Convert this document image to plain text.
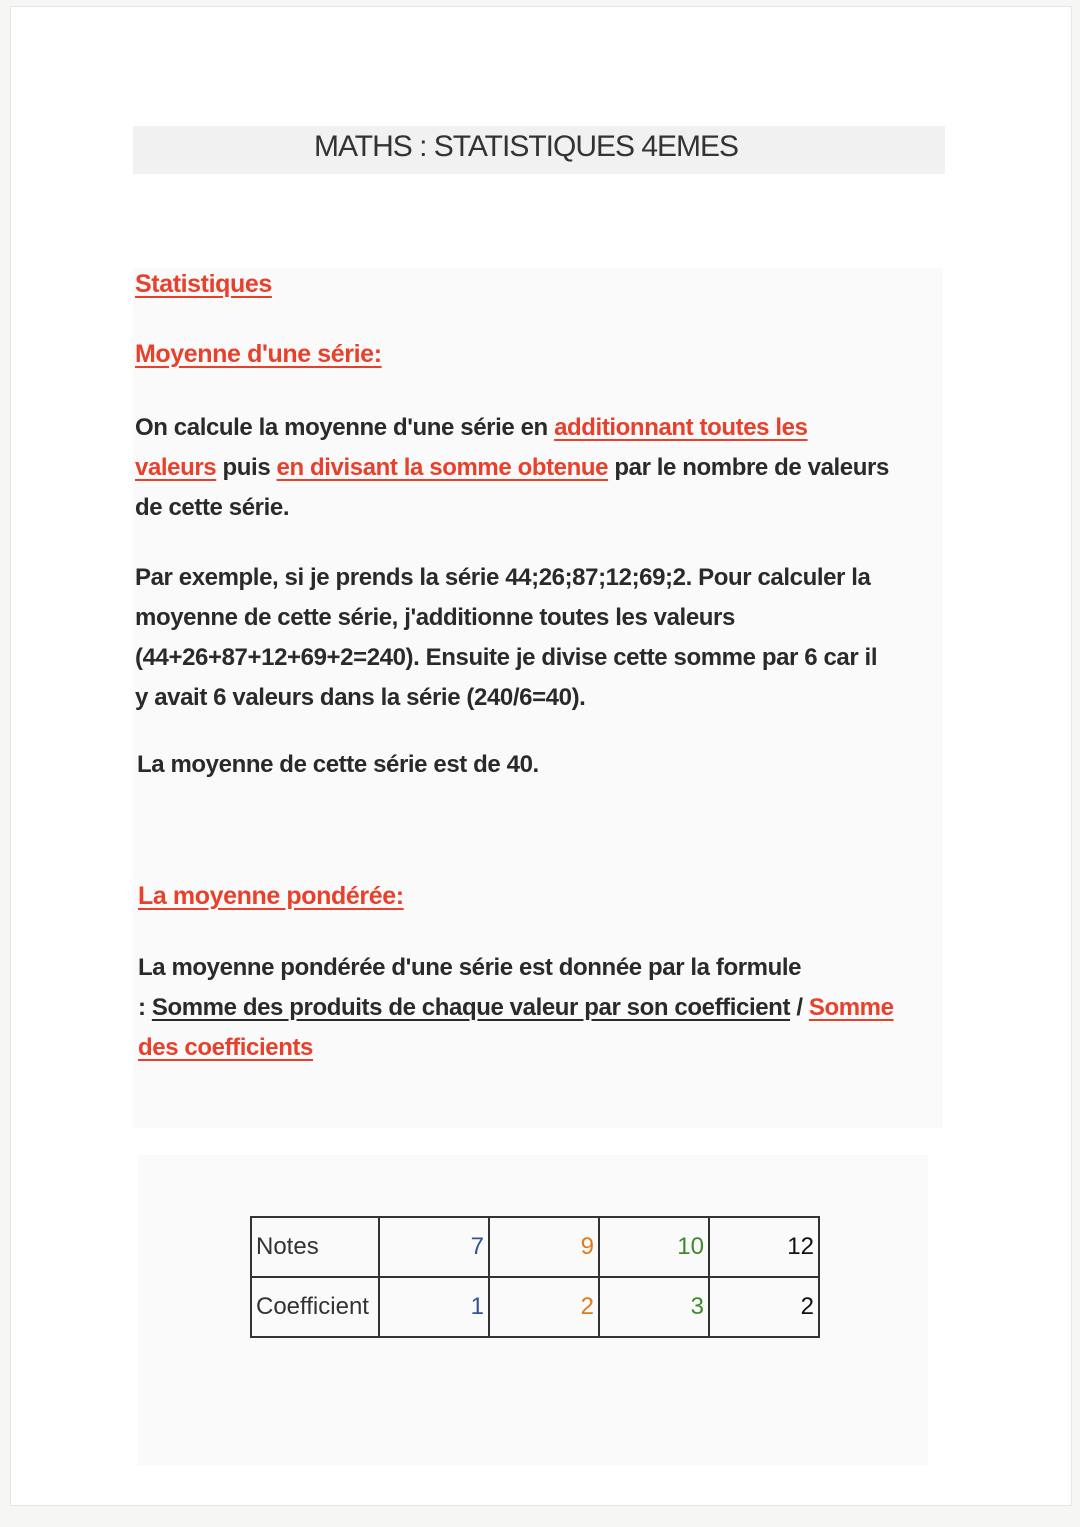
MATHS : STATISTIQUES 4EMES
Statistiques
Moyenne d'une série:
On calcule la moyenne d'une série en additionnant toutes les
valeurs puis en divisant la somme obtenue par le nombre de valeurs
de cette série.
Par exemple, si je prends la série 44;26;87;12;69;2. Pour calculer la
moyenne de cette série, j'additionne toutes les valeurs
(44+26+87+12+69+2=240). Ensuite je divise cette somme par 6 car il
y avait 6 valeurs dans la série (240/6=40).
La moyenne de cette série est de 40.
La moyenne pondérée:
La moyenne pondérée d'une série est donnée par la formule
: Somme des produits de chaque valeur par son coefficient / Somme
des coefficients
Notes	7	9	10	12
Coefficient	1	2	3	2
